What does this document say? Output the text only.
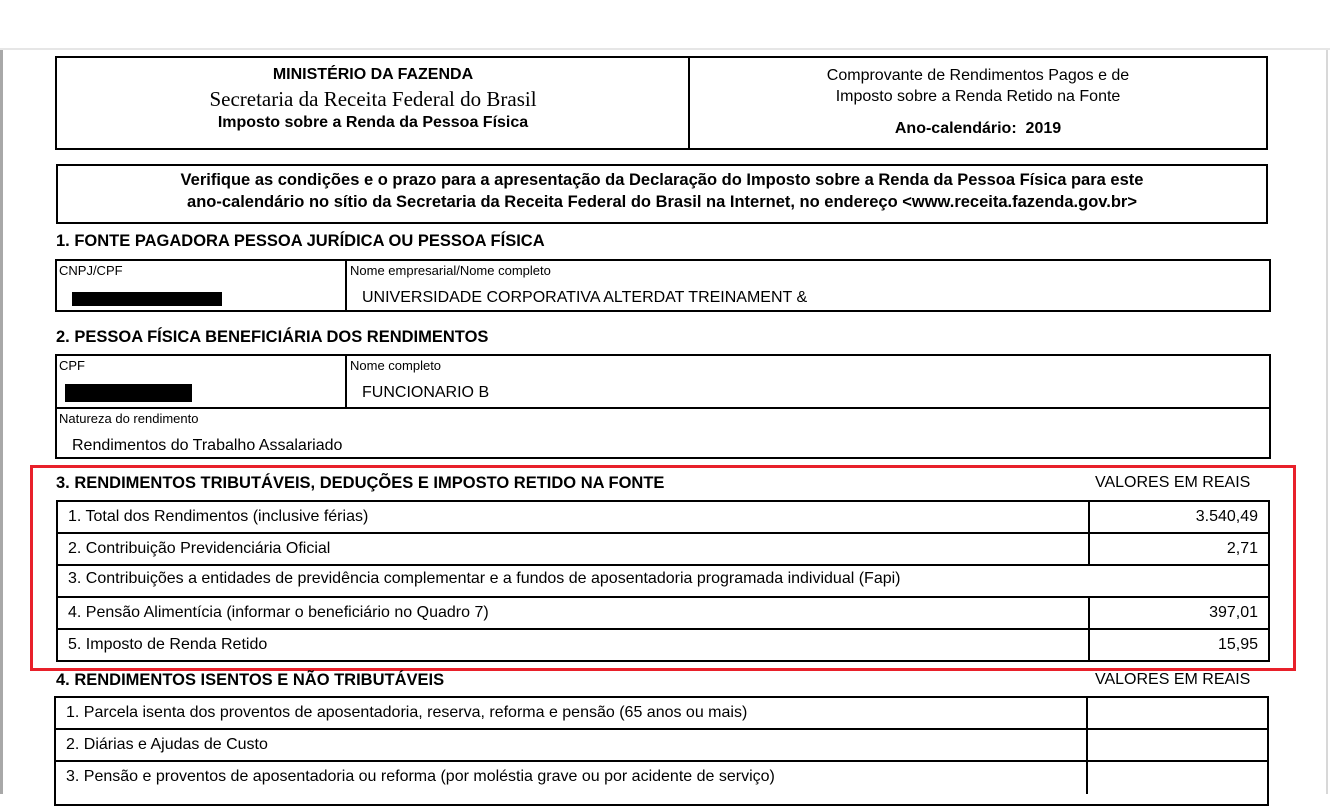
MINISTÉRIO DA FAZENDA
Secretaria da Receita Federal do Brasil
Imposto sobre a Renda da Pessoa Física
Comprovante de Rendimentos Pagos e de
Imposto sobre a Renda Retido na Fonte
Ano-calendário: 2019
Verifique as condições e o prazo para a apresentação da Declaração do Imposto sobre a Renda da Pessoa Física para este
ano-calendário no sítio da Secretaria da Receita Federal do Brasil na Internet, no endereço <www.receita.fazenda.gov.br>
1. FONTE PAGADORA PESSOA JURÍDICA OU PESSOA FÍSICA
CNPJ/CPF	Nome empresarial/Nome completo
UNIVERSIDADE CORPORATIVA ALTERDAT TREINAMENT &
2. PESSOA FÍSICA BENEFICIÁRIA DOS RENDIMENTOS
CPF	Nome completo
FUNCIONARIO B
Natureza do rendimento
Rendimentos do Trabalho Assalariado
3. RENDIMENTOS TRIBUTÁVEIS, DEDUÇÕES E IMPOSTO RETIDO NA FONTE	VALORES EM REAIS
1. Total dos Rendimentos (inclusive férias)	3.540,49
2. Contribuição Previdenciária Oficial	2,71
3. Contribuições a entidades de previdência complementar e a fundos de aposentadoria programada individual (Fapi)
4. Pensão Alimentícia (informar o beneficiário no Quadro 7)	397,01
5. Imposto de Renda Retido	15,95
4. RENDIMENTOS ISENTOS E NÃO TRIBUTÁVEIS	VALORES EM REAIS
1. Parcela isenta dos proventos de aposentadoria, reserva, reforma e pensão (65 anos ou mais)
2. Diárias e Ajudas de Custo
3. Pensão e proventos de aposentadoria ou reforma (por moléstia grave ou por acidente de serviço)
